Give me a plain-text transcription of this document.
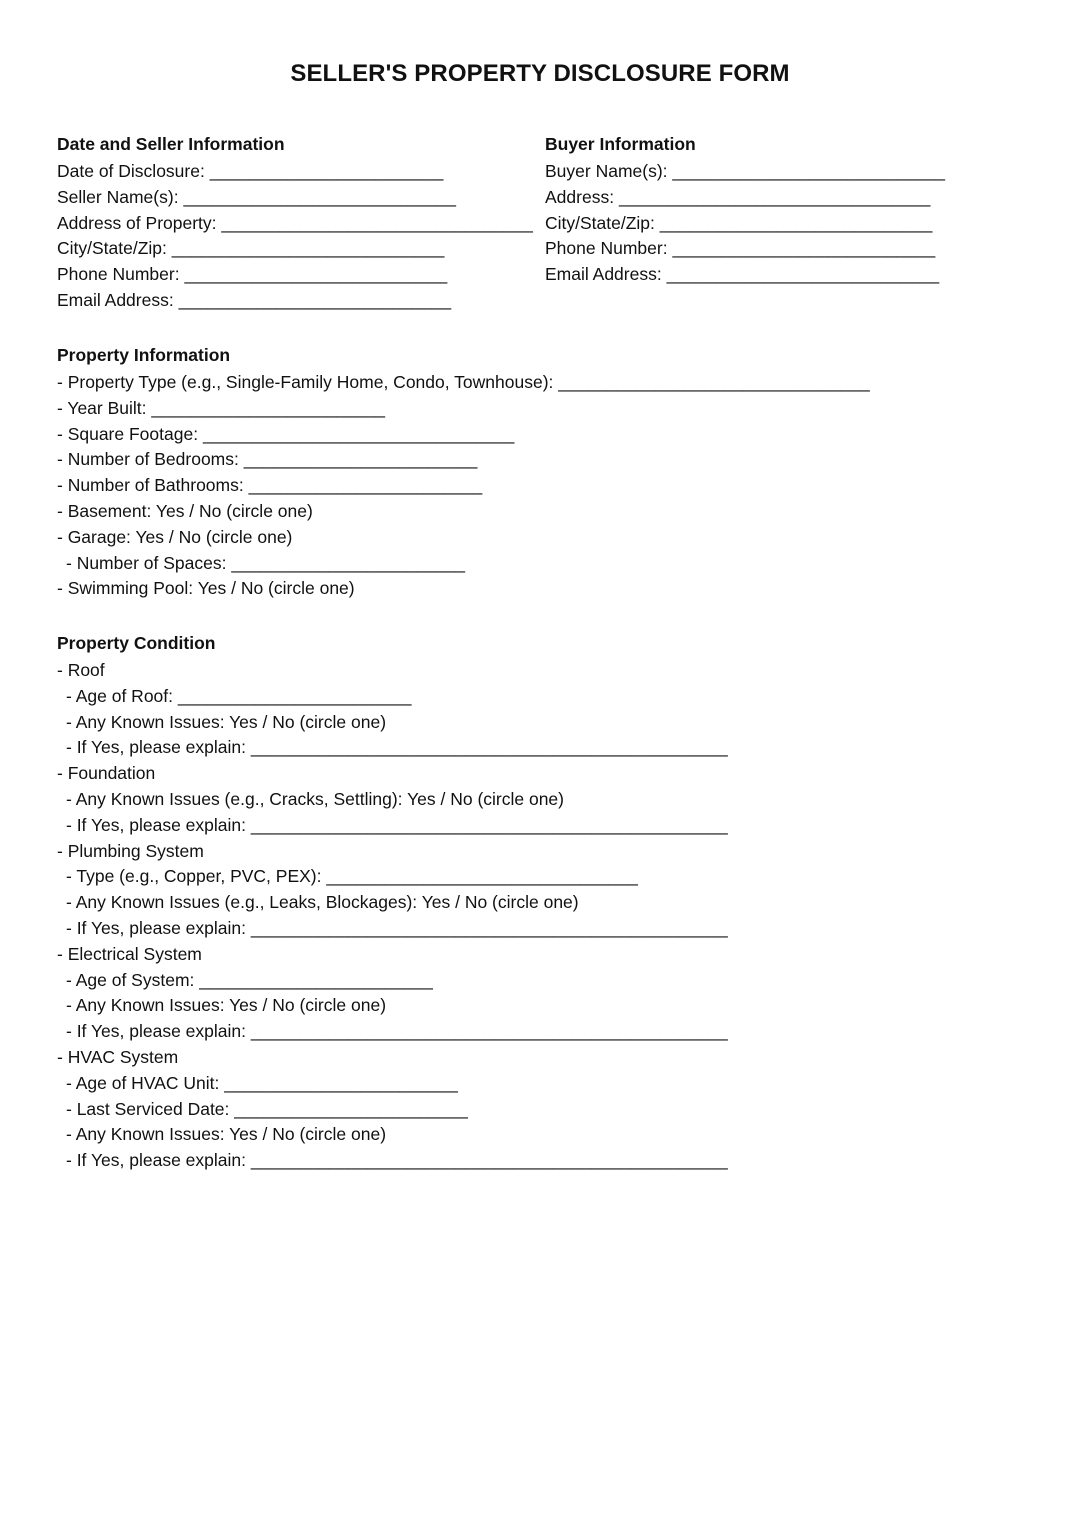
SELLER'S PROPERTY DISCLOSURE FORM
Date and Seller Information
Date of Disclosure: ________________________
Seller Name(s): ____________________________
Address of Property: ________________________________
City/State/Zip: ____________________________
Phone Number: ___________________________
Email Address: ____________________________
Buyer Information
Buyer Name(s): ____________________________
Address: ________________________________
City/State/Zip: ____________________________
Phone Number: ___________________________
Email Address: ____________________________
Property Information
- Property Type (e.g., Single-Family Home, Condo, Townhouse): ________________________________
- Year Built: ________________________
- Square Footage: ________________________________
- Number of Bedrooms: ________________________
- Number of Bathrooms: ________________________
- Basement: Yes / No (circle one)
- Garage: Yes / No (circle one)
- Number of Spaces: ________________________
- Swimming Pool: Yes / No (circle one)
Property Condition
- Roof
- Age of Roof: ________________________
- Any Known Issues: Yes / No (circle one)
- If Yes, please explain: _________________________________________________
- Foundation
- Any Known Issues (e.g., Cracks, Settling): Yes / No (circle one)
- If Yes, please explain: _________________________________________________
- Plumbing System
- Type (e.g., Copper, PVC, PEX): ________________________________
- Any Known Issues (e.g., Leaks, Blockages): Yes / No (circle one)
- If Yes, please explain: _________________________________________________
- Electrical System
- Age of System: ________________________
- Any Known Issues: Yes / No (circle one)
- If Yes, please explain: _________________________________________________
- HVAC System
- Age of HVAC Unit: ________________________
- Last Serviced Date: ________________________
- Any Known Issues: Yes / No (circle one)
- If Yes, please explain: _________________________________________________
